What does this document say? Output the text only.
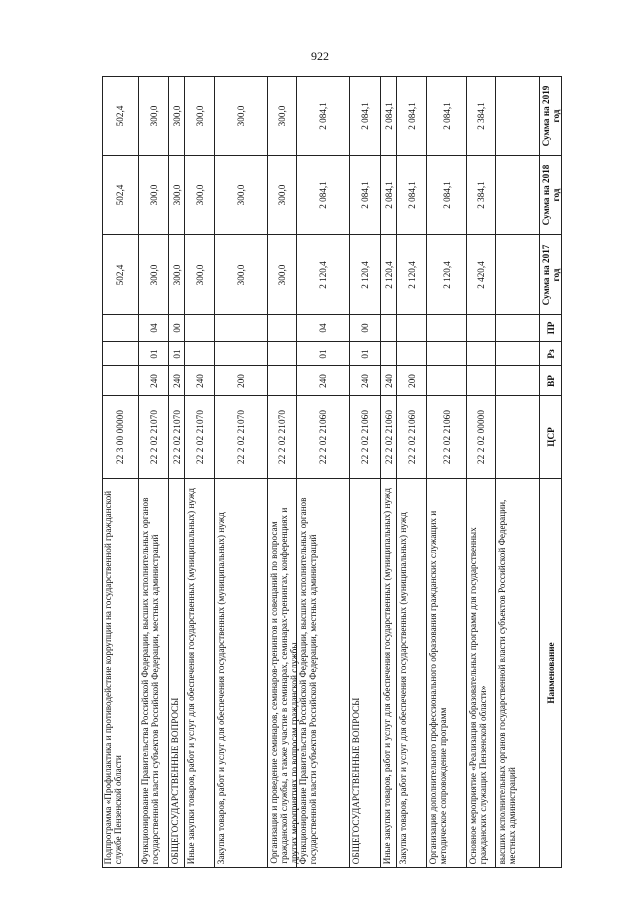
922
Сумма на 2019 год
Сумма на 2018 год
Сумма на 2017 год
ПР
Рз
ВР
ЦСР
Наименование
высших исполнительных органов государственной власти субъектов Российской Федерации, местных администраций
2 384,1
2 384,1
2 420,4
22 2 02 00000
Основное мероприятие «Реализация образовательных программ для государственных гражданских служащих Пензенской области»
2 084,1
2 084,1
2 120,4
22 2 02 21060
Организация дополнительного профессионального образования гражданских служащих и методическое сопровождение программ
2 084,1
2 084,1
2 120,4
200
22 2 02 21060
Закупка товаров, работ и услуг для обеспечения государственных (муниципальных) нужд
2 084,1
2 084,1
2 120,4
240
22 2 02 21060
Иные закупки товаров, работ и услуг для обеспечения государственных (муниципальных) нужд
2 084,1
2 084,1
2 120,4
00
01
240
22 2 02 21060
ОБЩЕГОСУДАРСТВЕННЫЕ ВОПРОСЫ
2 084,1
2 084,1
2 120,4
04
01
240
22 2 02 21060
Функционирование Правительства Российской Федерации, высших исполнительных органов государственной власти субъектов Российской Федерации, местных администраций
300,0
300,0
300,0
22 2 02 21070
Организация и проведение семинаров, семинаров-тренингов и совещаний по вопросам гражданской службы, а также участие в семинарах, семинарах-тренингах, конференциях и других мероприятиях по вопросам гражданской службы
300,0
300,0
300,0
200
22 2 02 21070
Закупка товаров, работ и услуг для обеспечения государственных (муниципальных) нужд
300,0
300,0
300,0
240
22 2 02 21070
Иные закупки товаров, работ и услуг для обеспечения государственных (муниципальных) нужд
300,0
300,0
300,0
00
01
240
22 2 02 21070
ОБЩЕГОСУДАРСТВЕННЫЕ ВОПРОСЫ
300,0
300,0
300,0
04
01
240
22 2 02 21070
Функционирование Правительства Российской Федерации, высших исполнительных органов государственной власти субъектов Российской Федерации, местных администраций
502,4
502,4
502,4
22 3 00 00000
Подпрограмма «Профилактика и противодействие коррупции на государственной гражданской службе Пензенской области
